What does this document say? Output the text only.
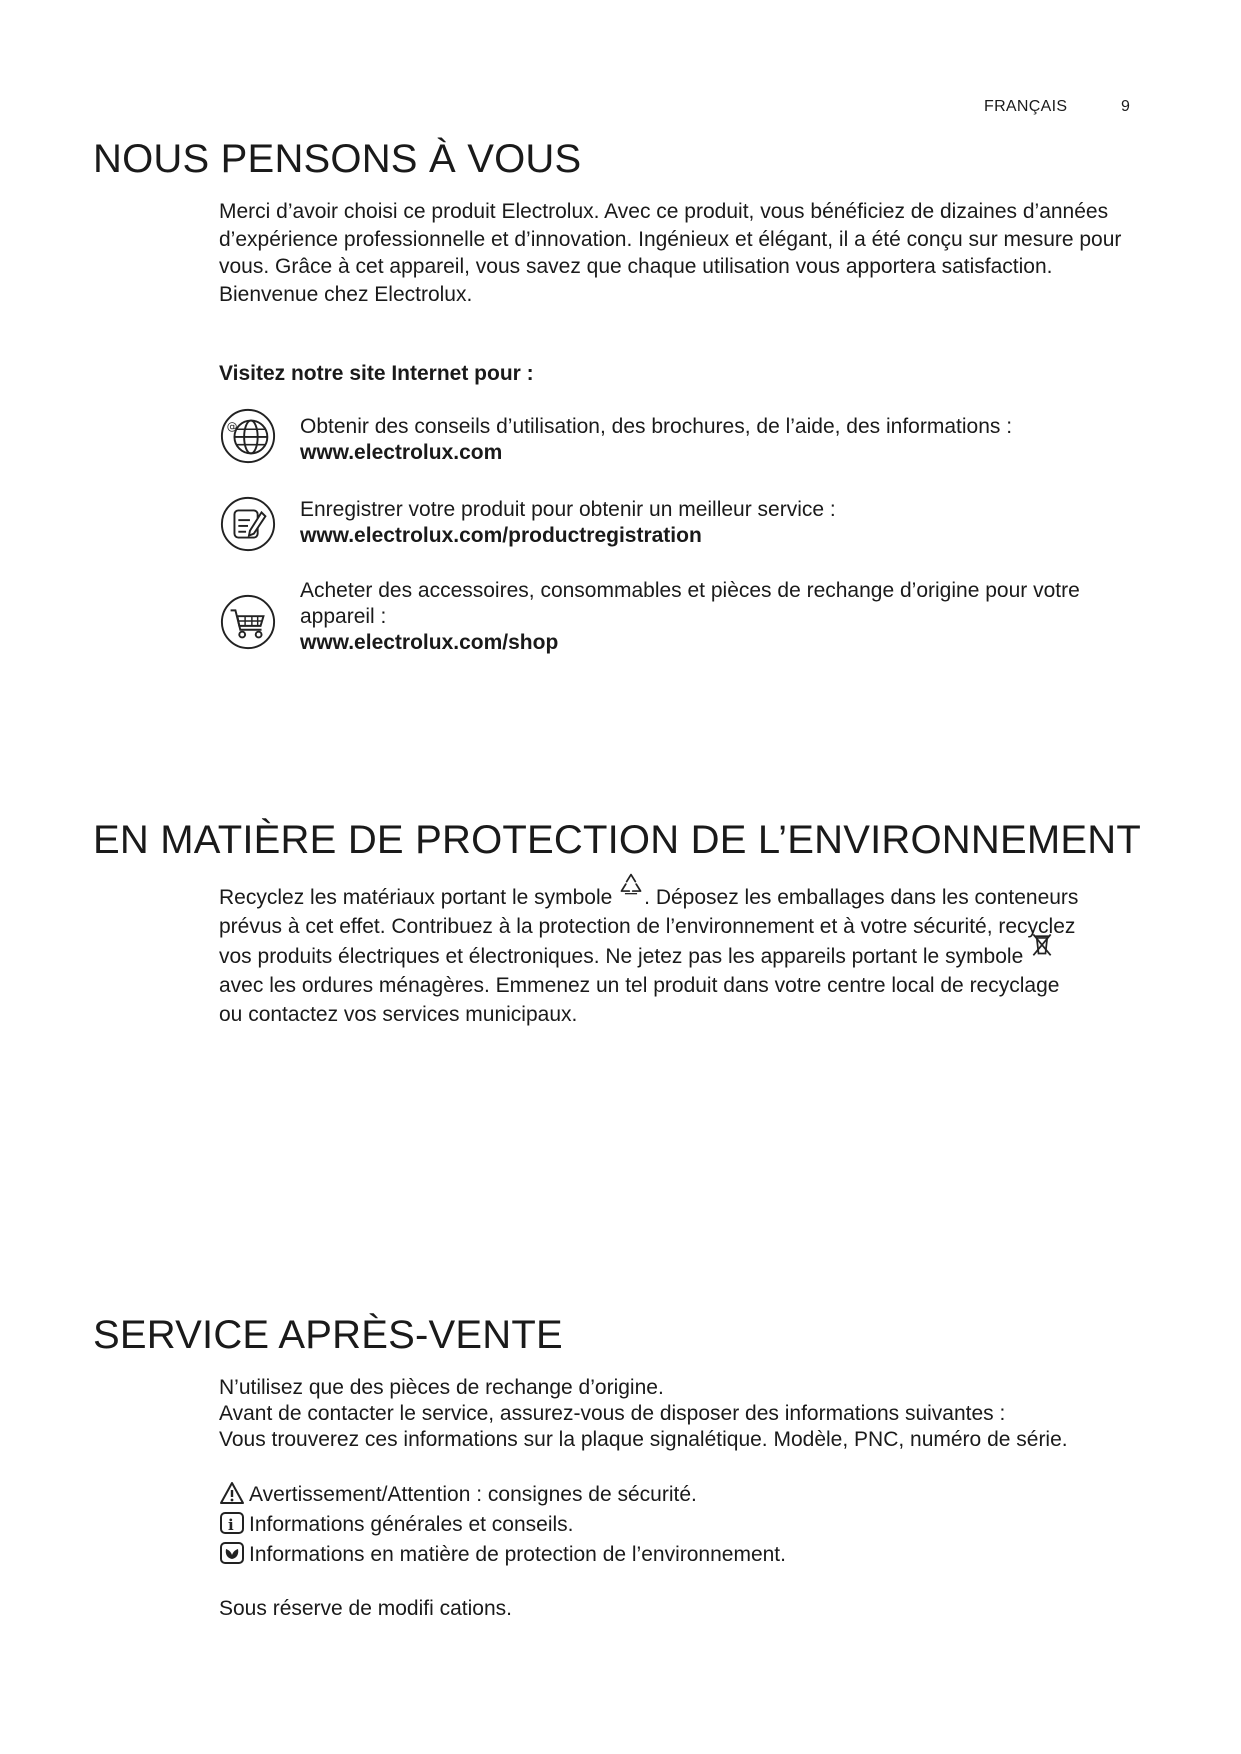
FRANÇAIS	9
NOUS PENSONS À VOUS

Merci d’avoir choisi ce produit Electrolux. Avec ce produit, vous bénéficiez de dizaines d’années d’expérience professionnelle et d’innovation. Ingénieux et élégant, il a été conçu sur mesure pour vous. Grâce à cet appareil, vous savez que chaque utilisation vous apportera satisfaction. Bienvenue chez Electrolux.

Visitez notre site Internet pour :
@	Obtenir des conseils d’utilisation, des brochures, de l’aide, des informations :
www.electrolux.com
Enregistrer votre produit pour obtenir un meilleur service :
www.electrolux.com/productregistration
Acheter des accessoires, consommables et pièces de rechange d’origine pour votre appareil :
www.electrolux.com/shop
EN MATIÈRE DE PROTECTION DE L’ENVIRONNEMENT

Recyclez les matériaux portant le symbole . Déposez les emballages dans les conteneurs prévus à cet effet. Contribuez à la protection de l’environnement et à votre sécurité, recyclez vos produits électriques et électroniques. Ne jetez pas les appareils portant le symbole  avec les ordures ménagères. Emmenez un tel produit dans votre centre local de recyclage ou contactez vos services municipaux.

SERVICE APRÈS-VENTE
N’utilisez que des pièces de rechange d’origine.
Avant de contacter le service, assurez-vous de disposer des informations suivantes :
Vous trouverez ces informations sur la plaque signalétique. Modèle, PNC, numéro de série.
Avertissement/Attention : consignes de sécurité.
i Informations générales et conseils.
Informations en matière de protection de l’environnement.
Sous réserve de modifi cations.
